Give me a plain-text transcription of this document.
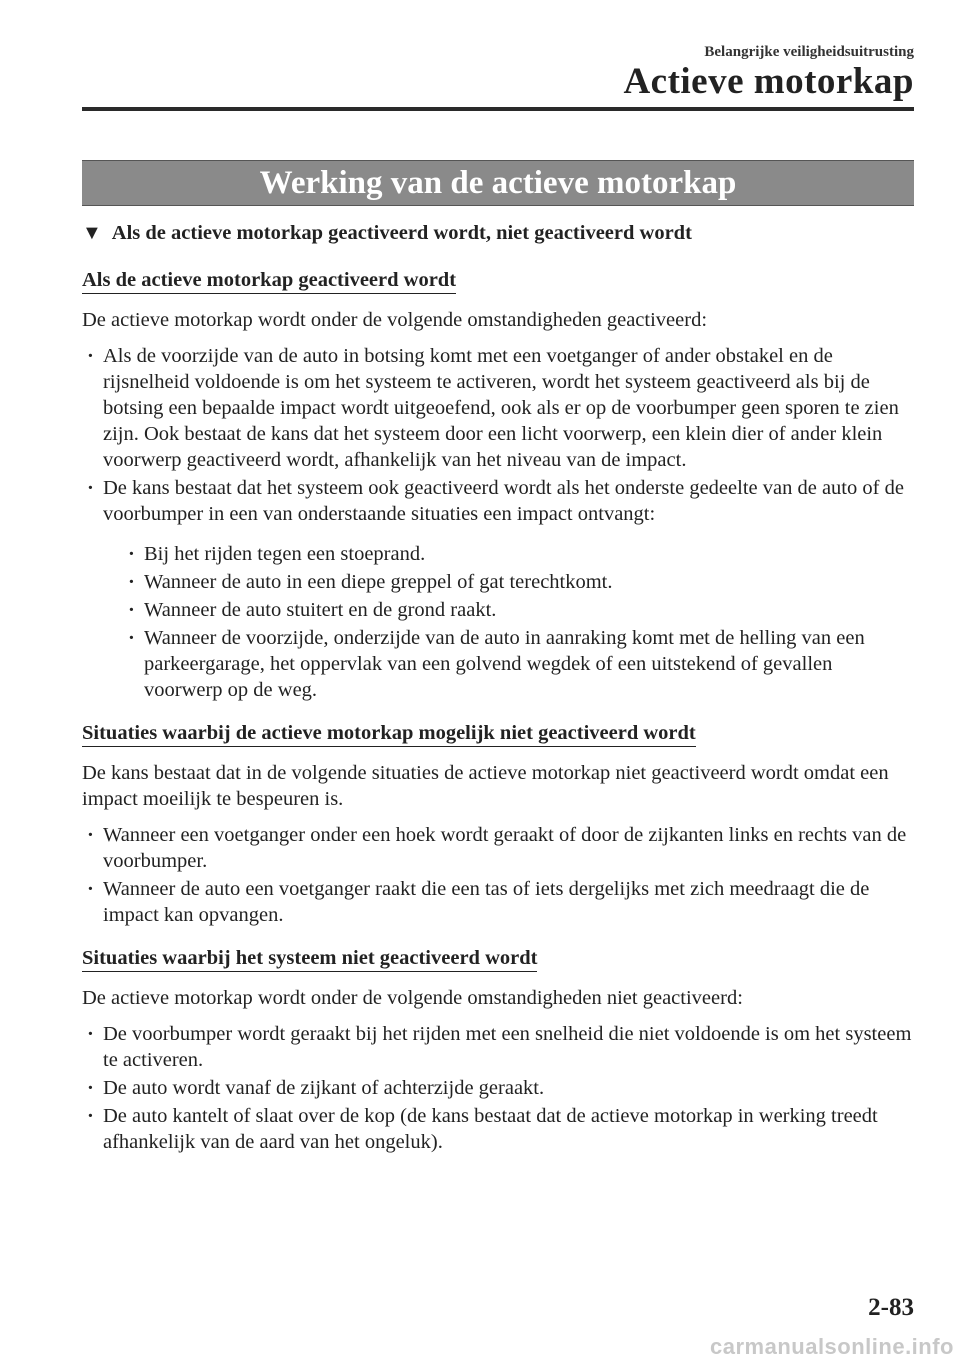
Belangrijke veiligheidsuitrusting
Actieve motorkap
Werking van de actieve motorkap
▼ Als de actieve motorkap geactiveerd wordt, niet geactiveerd wordt
Als de actieve motorkap geactiveerd wordt

De actieve motorkap wordt onder de volgende omstandigheden geactiveerd:

· Als de voorzijde van de auto in botsing komt met een voetganger of ander obstakel en de rijsnelheid voldoende is om het systeem te activeren, wordt het systeem geactiveerd als bij de botsing een bepaalde impact wordt uitgeoefend, ook als er op de voorbumper geen sporen te zien zijn. Ook bestaat de kans dat het systeem door een licht voorwerp, een klein dier of ander klein voorwerp geactiveerd wordt, afhankelijk van het niveau van de impact.
· De kans bestaat dat het systeem ook geactiveerd wordt als het onderste gedeelte van de auto of de voorbumper in een van onderstaande situaties een impact ontvangt:
· Bij het rijden tegen een stoeprand.
· Wanneer de auto in een diepe greppel of gat terechtkomt.
· Wanneer de auto stuitert en de grond raakt.
· Wanneer de voorzijde, onderzijde van de auto in aanraking komt met de helling van een parkeergarage, het oppervlak van een golvend wegdek of een uitstekend of gevallen voorwerp op de weg.
Situaties waarbij de actieve motorkap mogelijk niet geactiveerd wordt

De kans bestaat dat in de volgende situaties de actieve motorkap niet geactiveerd wordt omdat een impact moeilijk te bespeuren is.

· Wanneer een voetganger onder een hoek wordt geraakt of door de zijkanten links en rechts van de voorbumper.
· Wanneer de auto een voetganger raakt die een tas of iets dergelijks met zich meedraagt die de impact kan opvangen.
Situaties waarbij het systeem niet geactiveerd wordt

De actieve motorkap wordt onder de volgende omstandigheden niet geactiveerd:

· De voorbumper wordt geraakt bij het rijden met een snelheid die niet voldoende is om het systeem te activeren.
· De auto wordt vanaf de zijkant of achterzijde geraakt.
· De auto kantelt of slaat over de kop (de kans bestaat dat de actieve motorkap in werking treedt afhankelijk van de aard van het ongeluk).
2-83
carmanualsonline.info
